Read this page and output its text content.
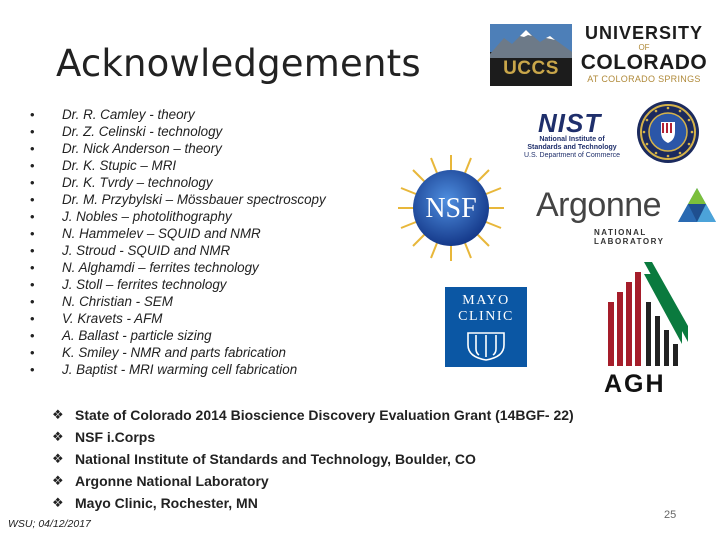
Acknowledgements
• Dr. R. Camley - theory
• Dr. Z. Celinski - technology
• Dr. Nick Anderson – theory
• Dr. K. Stupic – MRI
• Dr. K. Tvrdy – technology
• Dr. M. Przybylski – Mössbauer spectroscopy
• J. Nobles – photolithography
• N. Hammelev – SQUID and NMR
• J. Stroud - SQUID and NMR
• N. Alghamdi – ferrites technology
• J. Stoll – ferrites technology
• N. Christian - SEM
• V. Kravets - AFM
• A. Ballast - particle sizing
• K. Smiley - NMR and parts fabrication
• J. Baptist - MRI warming cell fabrication
❖ State of Colorado 2014 Bioscience Discovery Evaluation Grant (14BGF- 22)
❖ NSF i.Corps
❖ National Institute of Standards and Technology, Boulder, CO
❖ Argonne National Laboratory
❖ Mayo Clinic, Rochester, MN
WSU; 04/12/2017
25
UCCS
UNIVERSITY
OF
COLORADO
AT COLORADO SPRINGS
NIST
National Institute of
Standards and Technology
U.S. Department of Commerce
NSF Argonne
NATIONAL LABORATORY
MAYO
CLINIC
AGH
